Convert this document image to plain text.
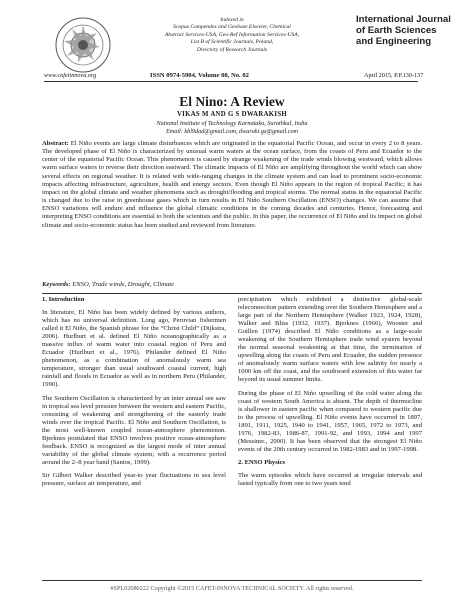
www.cafetinnova.org
Indexed in
Scopus Compendex and Geobase Elsevier, Chemical
Abstract Services-USA, Geo-Ref Information Services-USA,
List B of Scientific Journals, Poland,
Directory of Research Journals
International Journal
of Earth Sciences
and Engineering
ISSN 0974-5904, Volume 08, No. 02	April 2015, P.P.130-137
El Nino: A Review
VIKAS M AND G S DWARAKISH
National Institute of Technology Karnataka, Surathkal, India
Email: kbl9dad@gmail.com, dwaraki.gs@gmail.com
Abstract: El Niño events are large climate disturbances which are originated in the equatorial Pacific Ocean, and occur in every 2 to 8 years. The developed phase of El Niño is characterized by unusual warm waters at the ocean surface, from the coasts of Peru and Ecuador to the center of the equatorial Pacific Ocean. This phenomenon is caused by strange weakening of the trade winds blowing westward, which allows warm surface waters to reverse their direction eastward. The climatic impacts of El Niño are amplifying throughout the world which can show several effects on regional weather. It is related with wide-ranging changes in the climate system and can lead to prominent socio-economic impacts affecting infrastructure, agriculture, health and energy sectors. Even though El Niño appears in the region of tropical Pacific; it has impact on the global climate and weather phenomena such as drought/flooding and tropical storms. The normal status in the equatorial Pacific is changed due to the raise in greenhouse gases which in turn results in El Niño Southern Oscillation (ENSO) changes. We can assume that ENSO variations will endure and influence the global climatic conditions in the coming decades and centuries. Hence, forecasting and interpreting ENSO conditions are essential to both the scientists and the public. In this paper, the occurrence of El Niño and its impact on global climate and socio-economic status has been studied and reviewed from literature.
Keywords: ENSO, Trade winds, Drought, Climate
1. Introduction
In literature, El Niño has been widely defined by various authors, which has no universal definition. Long ago, Peruvian fishermen called it El Niño, the Spanish phrase for the “Christ Child” (Dijkstra, 2006). Hurlburt et al. defined El Niño oceanographically as a massive influx of warm water into coastal region of Peru and Ecuador (Hurlburt et al., 1976). Philander defined El Niño phenomenon, as a combination of anomalously warm sea temperature, stronger than usual southward coastal current, high rainfall and floods in Ecuador as well as in northern Peru (Philander, 1990).
The Southern Oscillation is characterized by an inter annual see saw in tropical sea level pressure between the western and eastern Pacific, consisting of weakening and strengthening of the easterly trade winds over the tropical Pacific. El Niño and Southern Oscillation, is the most well-known coupled ocean-atmosphere phenomenon. Bjerknes postulated that ENSO involves positive ocean-atmosphere feedback. ENSO is recognized as the largest mode of inter annual variability of the global climate system; with a recurrence period around the 2–8 year band (Santos, 1999).
Sir Gilbert Walker described year-to year fluctuations in sea level pressure, surface air temperature, and
precipitation which exhibited a distinctive global-scale teleconnection pattern extending over the Southern Hemisphere and a large part of the Northern Hemisphere (Walker 1923, 1924, 1928), Walker and Bliss (1932, 1937). Bjerknes (1966), Wooster and Guillen (1974) described El Niño conditions as a large-scale weakening of the Southern Hemisphere trade wind system beyond the normal seasonal weakening at that time, the termination of upwelling along the coasts of Peru and Ecuador, the sudden presence of anomalously warm surface waters with low salinity for nearly a 1000 km off the coast, and the southward extension of this water far beyond its usual summer limits.
During the phase of El Niño upwelling of the cold water along the coast of western South America is absent. The depth of thermocline is shallower in eastern pacific when compared to western pacific due to the process of upwelling. El Niño events have occurred in 1897, 1891, 1911, 1925, 1940 to 1941, 1957, 1965, 1972 to 1973, and 1976, 1982-83, 1986-87, 1991-92, and 1993, 1994 and 1997 (Messiner., 2000). It has been observed that the strongest El Niño events of the 20th century occurred in 1982-1983 and in 1997-1998.
2. ENSO Physics
The warm episodes which have occurred at irregular intervals and lasted typically from one to two years tend
#SPL02080222 Copyright ©2015 CAFET-INNOVA TECHNICAL SOCIETY. All rights reserved.
